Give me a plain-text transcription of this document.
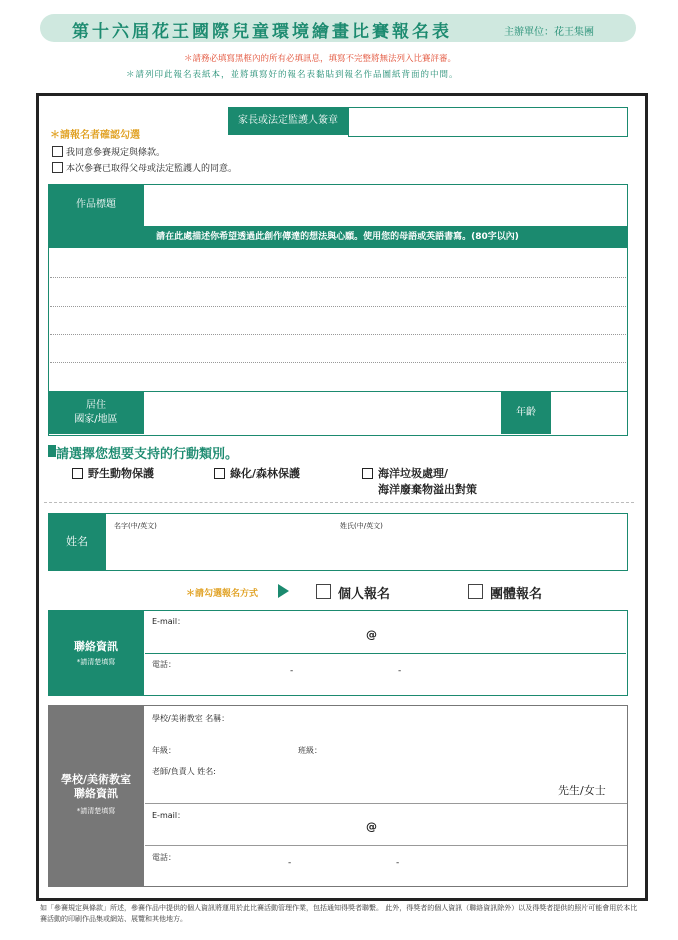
第十六屆花王國際兒童環境繪畫比賽報名表	主辦單位：花王集團
＊請務必填寫黑框內的所有必填訊息，填寫不完整將無法列入比賽評審。
＊請列印此報名表紙本，並將填寫好的報名表黏貼到報名作品圖紙背面的中間。
家長或法定監護人簽章
＊請報名者確認勾選
我同意參賽規定與條款。
本次參賽已取得父母或法定監護人的同意。
作品標題
請在此處描述你希望透過此創作傳達的想法與心願。使用您的母語或英語書寫。(80字以內)
居住
國家/地區
年齡
請選擇您想要支持的行動類別。
野生動物保護	綠化/森林保護	海洋垃圾處理/
海洋廢棄物溢出對策
姓名
名字(中/英文)	姓氏(中/英文)
＊請勾選報名方式	個人報名	團體報名
聯絡資訊
*請清楚填寫
E-mail：
@
電話：
-	-
學校/美術教室
聯絡資訊
*請清楚填寫
學校/美術教室 名稱：
年級：	班級：
老師/負責人 姓名:
先生/女士
E-mail：
@
電話：
-	-
如「參賽規定與條款」所述，參賽作品中提供的個人資訊將運用於此比賽活動管理作業，包括通知得獎者聯繫。 此外，得獎者的個人資訊（聯絡資訊除外）以及得獎者提供的照片可能會用於本比賽活動的印刷作品集或網站、展覽和其他地方。
